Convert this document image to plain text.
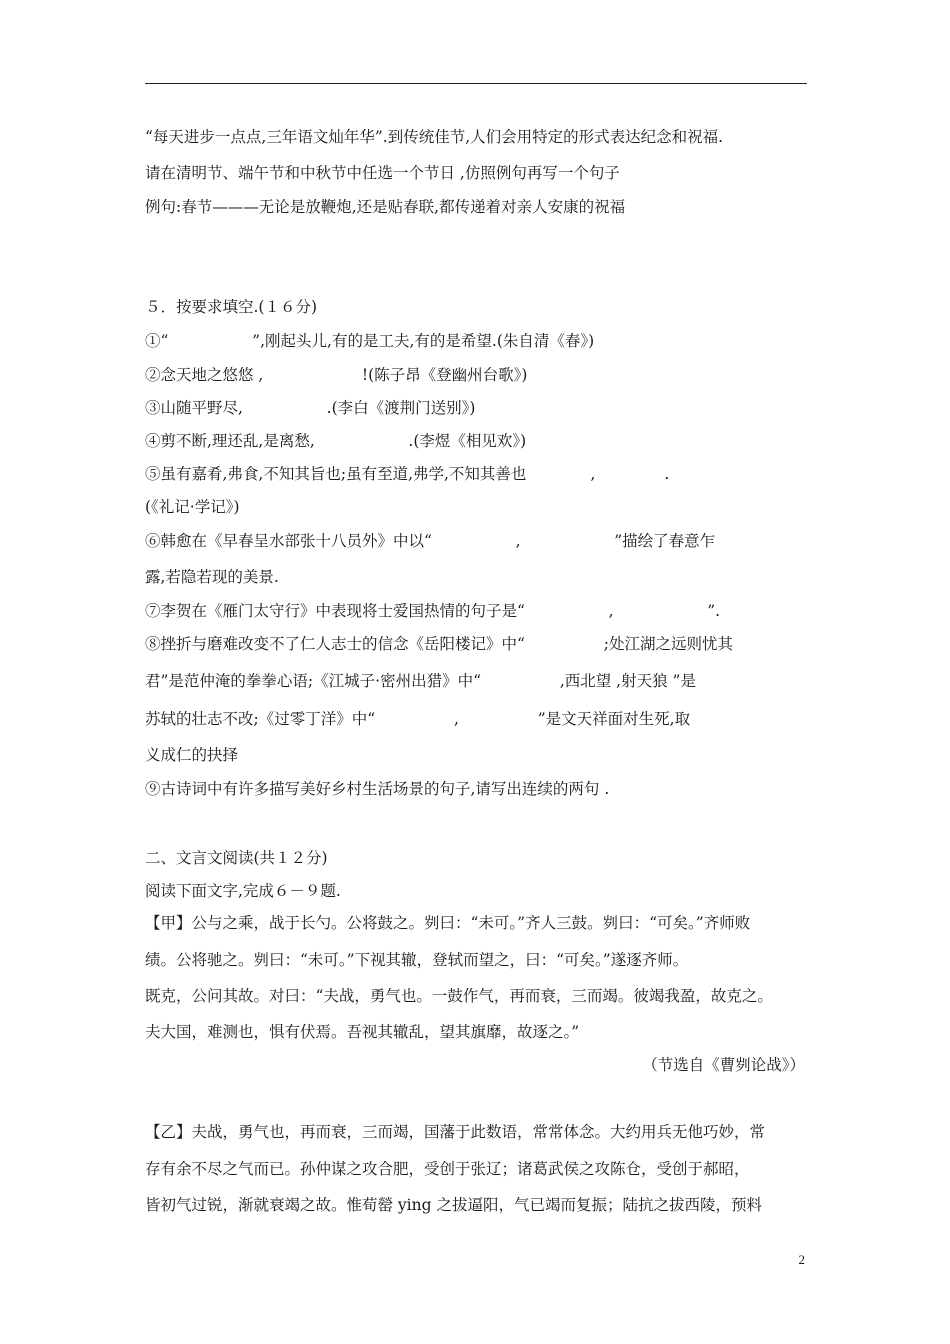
“每天进步一点点,三年语文灿年华”.到传统佳节,人们会用特定的形式表达纪念和祝福.
请在清明节、端午节和中秋节中任选一个节日 ,仿照例句再写一个句子
例句:春节———无论是放鞭炮,还是贴春联,都传递着对亲人安康的祝福
５．按要求填空.(１６分)
①“                 ”,刚起头儿,有的是工夫,有的是希望.(朱自清《春》)
②念天地之悠悠 ,                    !(陈子昂《登幽州台歌》)
③山随平野尽,                 .(李白《渡荆门送别》)
④剪不断,理还乱,是离愁,                   .(李煜《相见欢》)
⑤虽有嘉肴,弗食,不知其旨也;虽有至道,弗学,不知其善也             ,              .
(《礼记·学记》)
⑥韩愈在《早春呈水部张十八员外》中以“                 ,                   ”描绘了春意乍
露,若隐若现的美景.
⑦李贺在《雁门太守行》中表现将士爱国热情的句子是“                 ,                   ”.
⑧挫折与磨难改变不了仁人志士的信念《岳阳楼记》中“                ;处江湖之远则忧其
君”是范仲淹的拳拳心语;《江城子·密州出猎》中“                ,西北望 ,射天狼 ”是
苏轼的壮志不改;《过零丁洋》中“                ,                ”是文天祥面对生死,取
义成仁的抉择
⑨古诗词中有许多描写美好乡村生活场景的句子,请写出连续的两句 .
二、文言文阅读(共１２分)
阅读下面文字,完成６－９题.
【甲】公与之乘，战于长勺。公将鼓之。刿曰：“未可。”齐人三鼓。刿曰：“可矣。”齐师败
绩。公将驰之。刿曰：“未可。”下视其辙，登轼而望之，曰：“可矣。”遂逐齐师。
既克，公问其故。对曰：“夫战，勇气也。一鼓作气，再而衰，三而竭。彼竭我盈，故克之。
夫大国，难测也，惧有伏焉。吾视其辙乱，望其旗靡，故逐之。”
（节选自《曹刿论战》）
【乙】夫战，勇气也，再而衰，三而竭，国藩于此数语，常常体念。大约用兵无他巧妙，常
存有余不尽之气而已。孙仲谋之攻合肥，受创于张辽；诸葛武侯之攻陈仓，受创于郝昭，
皆初气过锐，渐就衰竭之故。惟荀罃 ying 之拔逼阳，气已竭而复振；陆抗之拔西陵，预料
2
